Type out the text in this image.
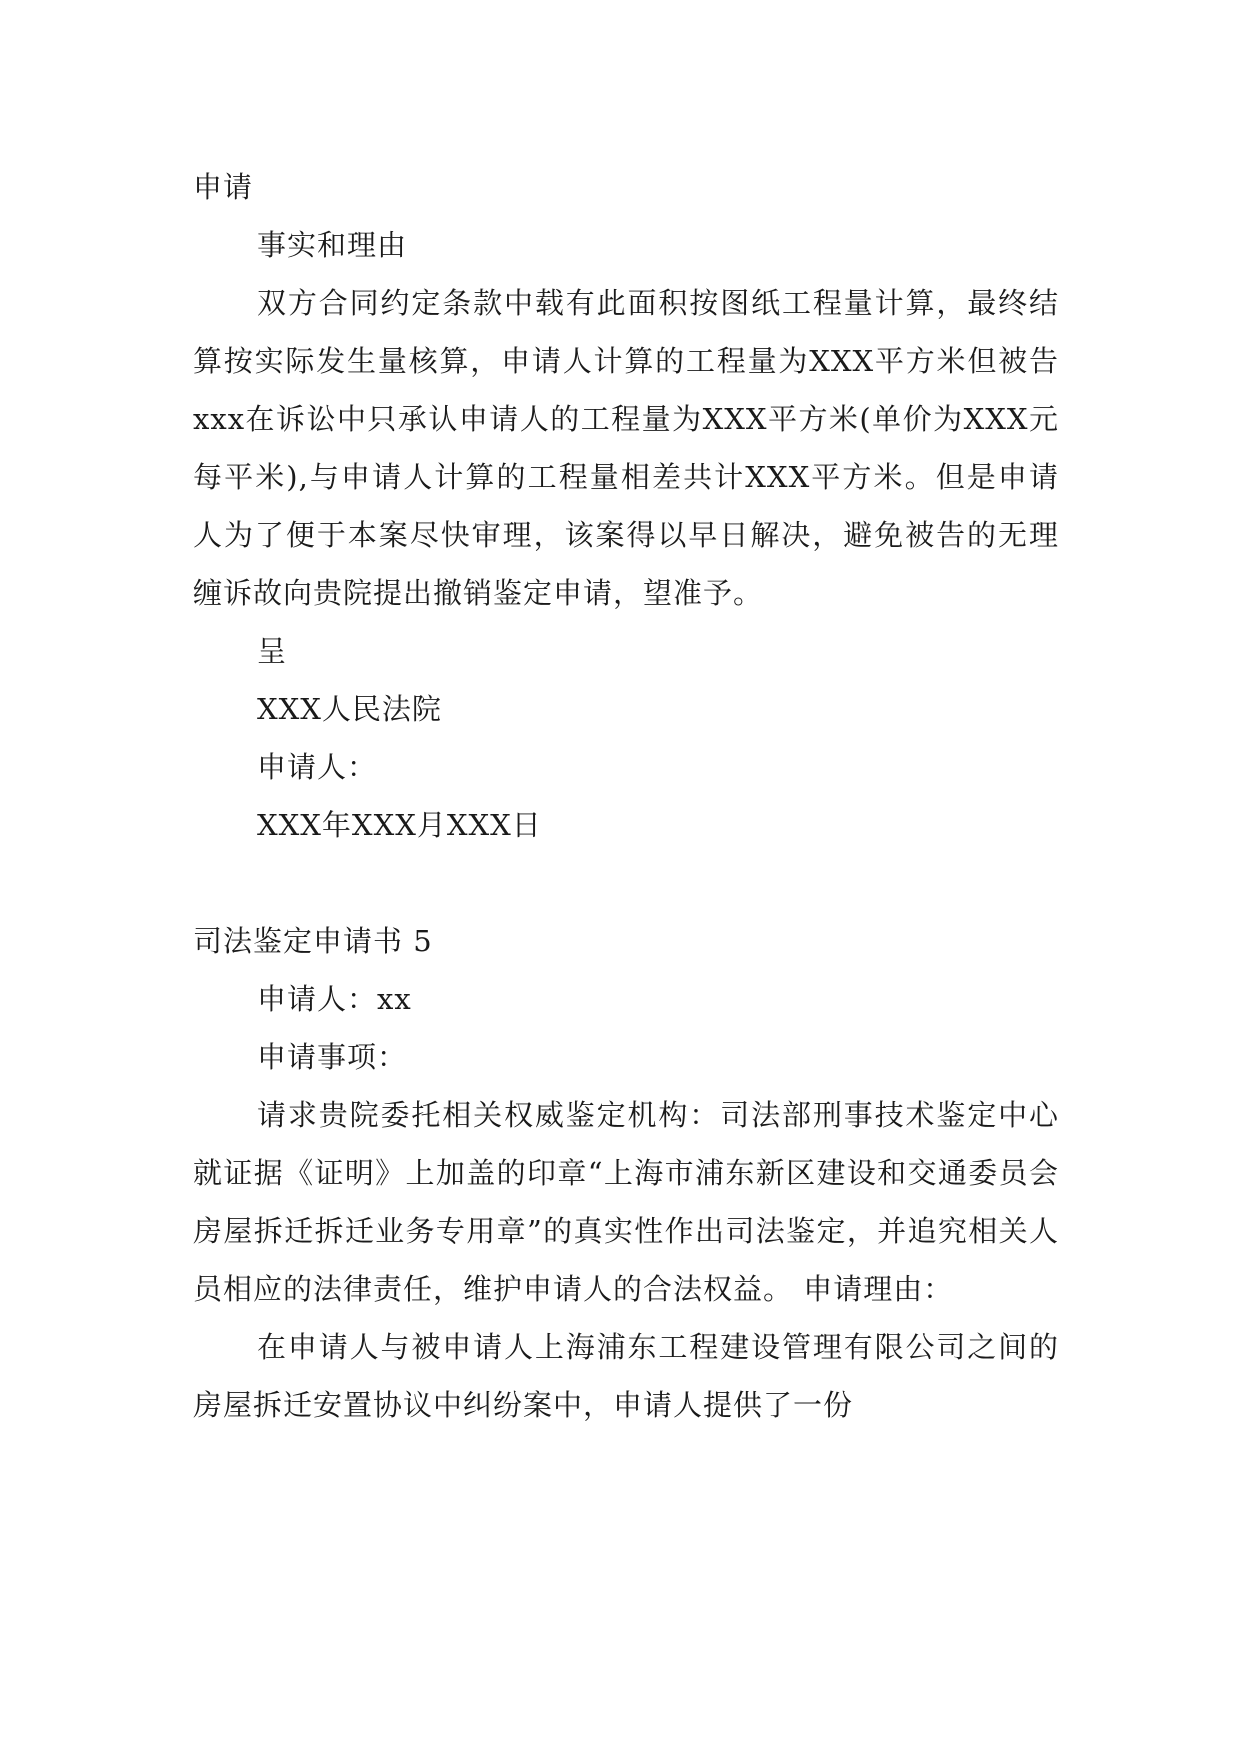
申请

事实和理由

双方合同约定条款中载有此面积按图纸工程量计算，最终结算按实际发生量核算，申请人计算的工程量为XXX平方米但被告xxx在诉讼中只承认申请人的工程量为XXX平方米(单价为XXX元每平米),与申请人计算的工程量相差共计XXX平方米。但是申请人为了便于本案尽快审理，该案得以早日解决，避免被告的无理缠诉故向贵院提出撤销鉴定申请，望准予。

呈

XXX人民法院

申请人：

XXX年XXX月XXX日

司法鉴定申请书 5

申请人：xx

申请事项：

请求贵院委托相关权威鉴定机构：司法部刑事技术鉴定中心就证据《证明》上加盖的印章“上海市浦东新区建设和交通委员会房屋拆迁拆迁业务专用章”的真实性作出司法鉴定，并追究相关人员相应的法律责任，维护申请人的合法权益。 申请理由：

在申请人与被申请人上海浦东工程建设管理有限公司之间的房屋拆迁安置协议中纠纷案中，申请人提供了一份
